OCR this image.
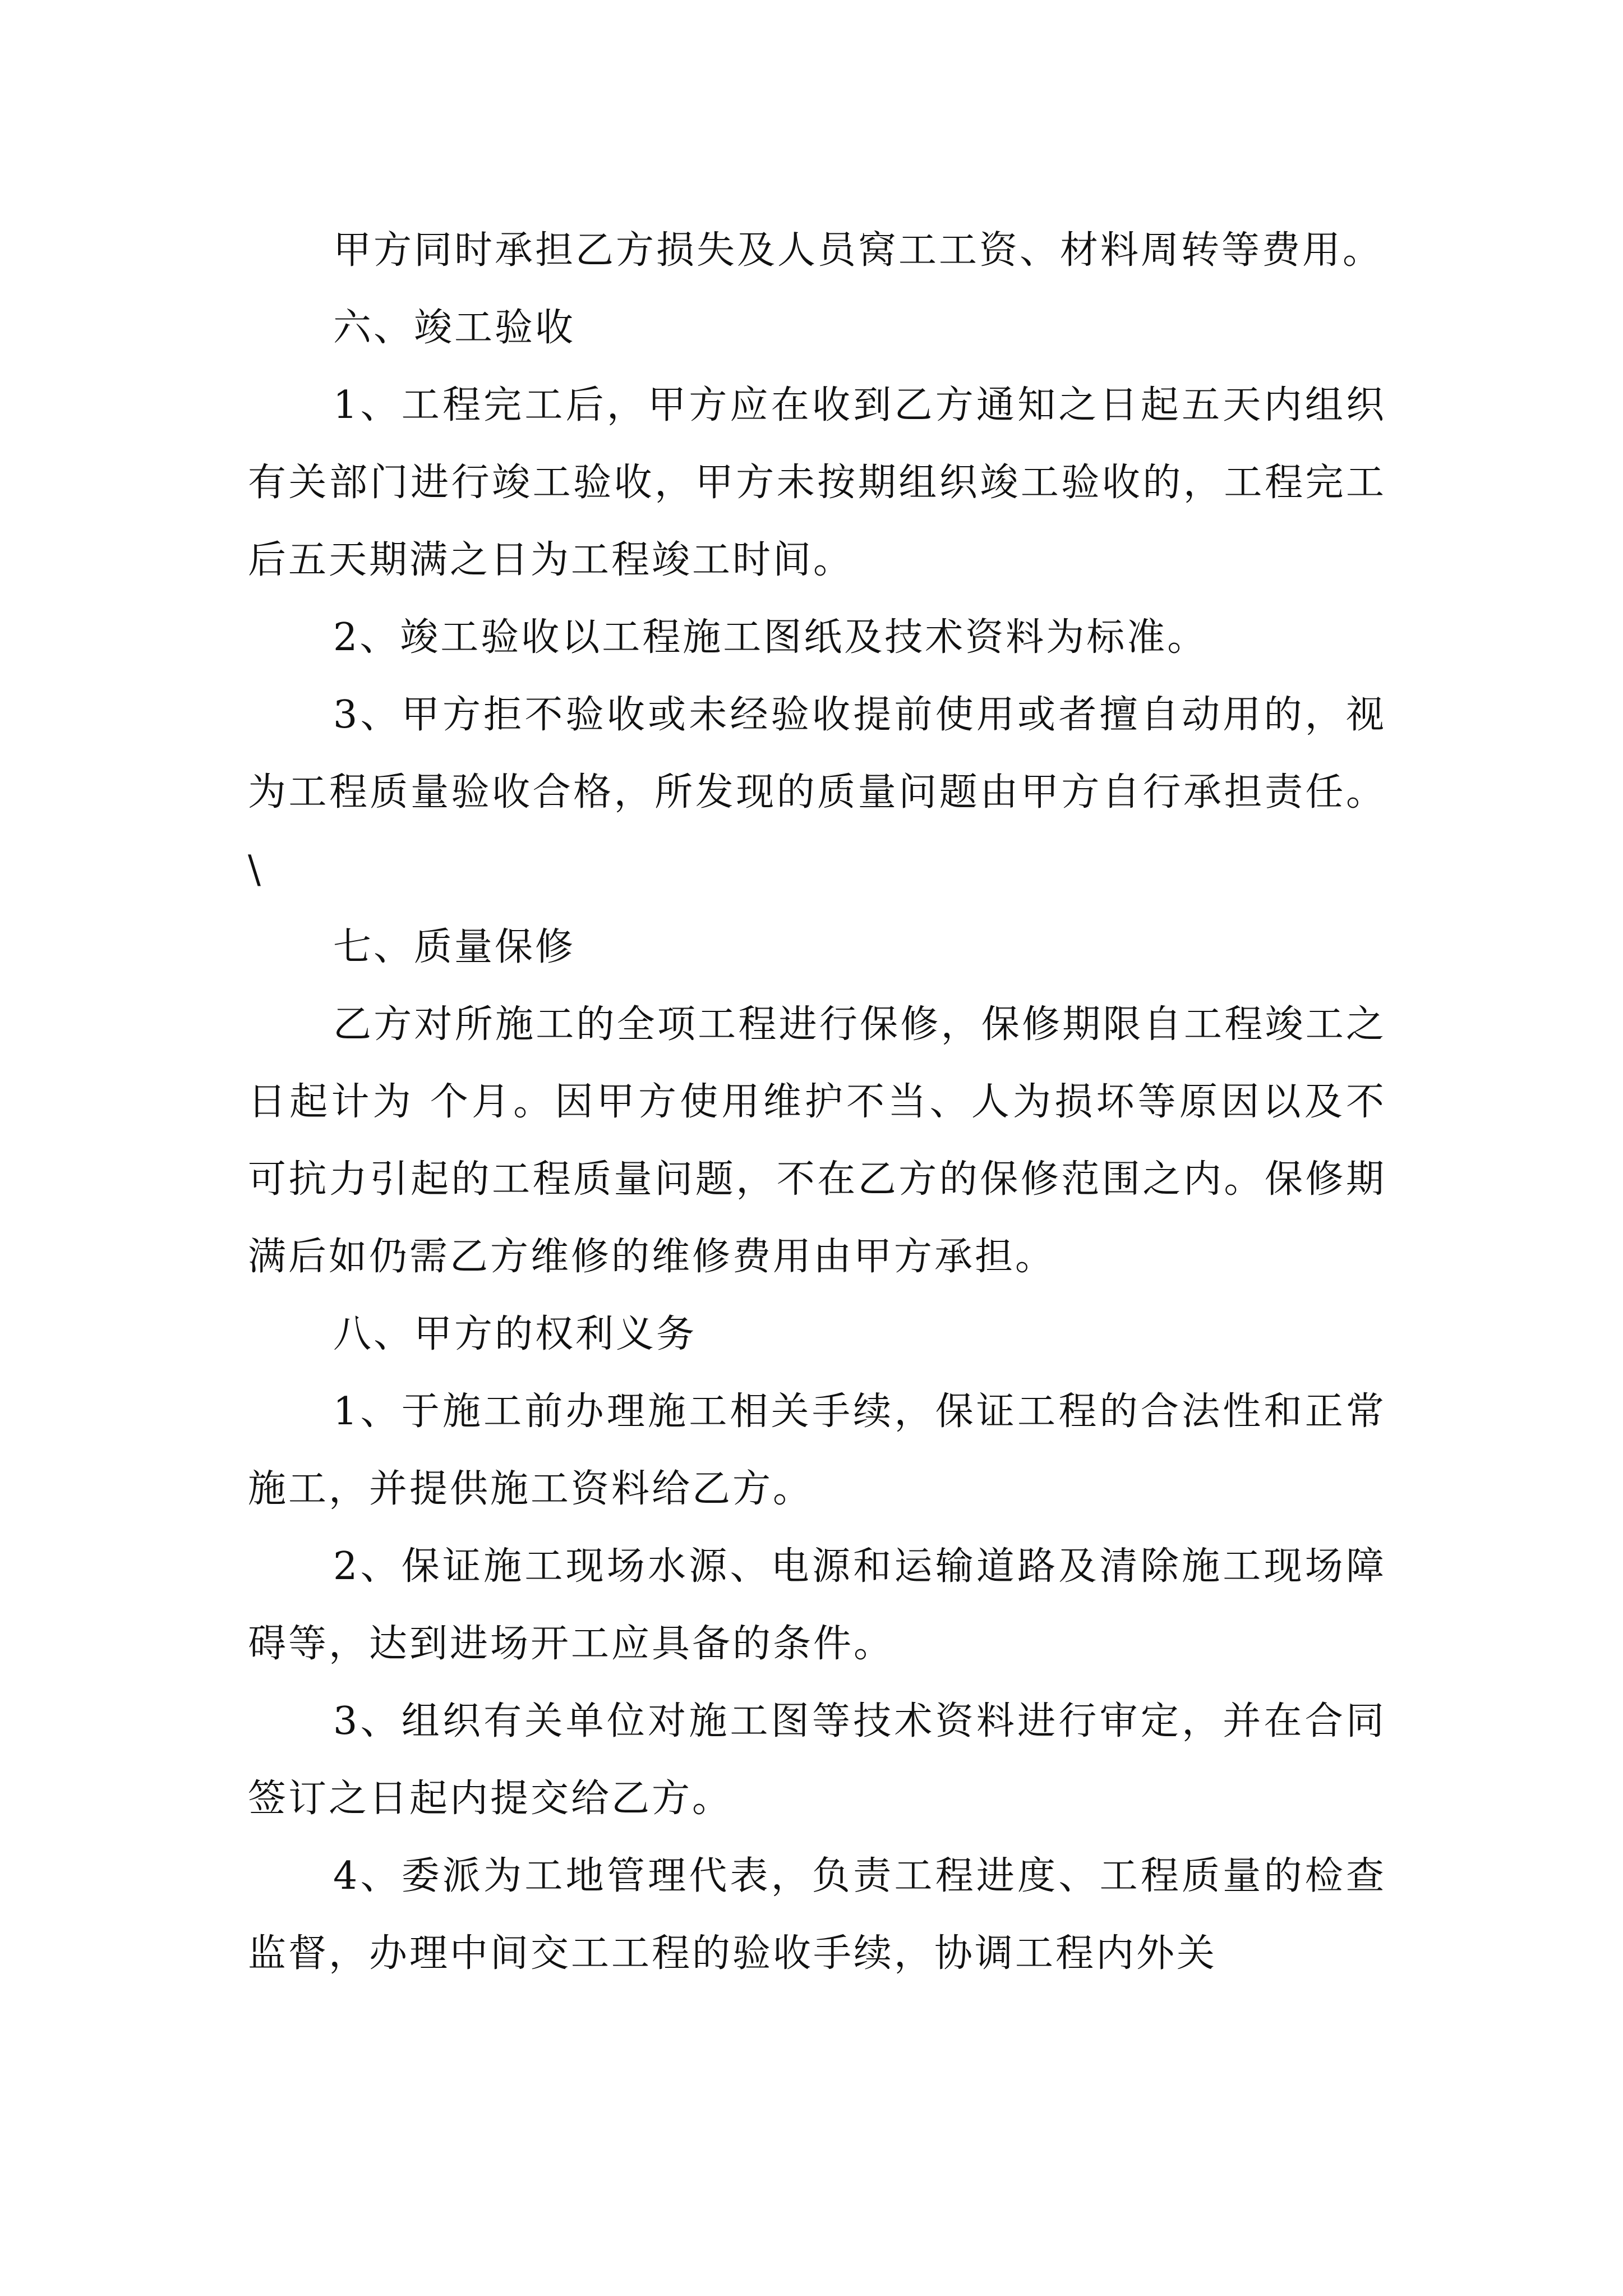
甲方同时承担乙方损失及人员窝工工资、材料周转等费用。

六、竣工验收

1、工程完工后，甲方应在收到乙方通知之日起五天内组织有关部门进行竣工验收，甲方未按期组织竣工验收的，工程完工后五天期满之日为工程竣工时间。

2、竣工验收以工程施工图纸及技术资料为标准。

3、甲方拒不验收或未经验收提前使用或者擅自动用的，视为工程质量验收合格，所发现的质量问题由甲方自行承担责任。\

七、质量保修

乙方对所施工的全项工程进行保修，保修期限自工程竣工之日起计为 个月。因甲方使用维护不当、人为损坏等原因以及不可抗力引起的工程质量问题，不在乙方的保修范围之内。保修期满后如仍需乙方维修的维修费用由甲方承担。

八、甲方的权利义务

1、于施工前办理施工相关手续，保证工程的合法性和正常施工，并提供施工资料给乙方。

2、保证施工现场水源、电源和运输道路及清除施工现场障碍等，达到进场开工应具备的条件。

3、组织有关单位对施工图等技术资料进行审定，并在合同签订之日起内提交给乙方。

4、委派为工地管理代表，负责工程进度、工程质量的检查监督，办理中间交工工程的验收手续，协调工程内外关
